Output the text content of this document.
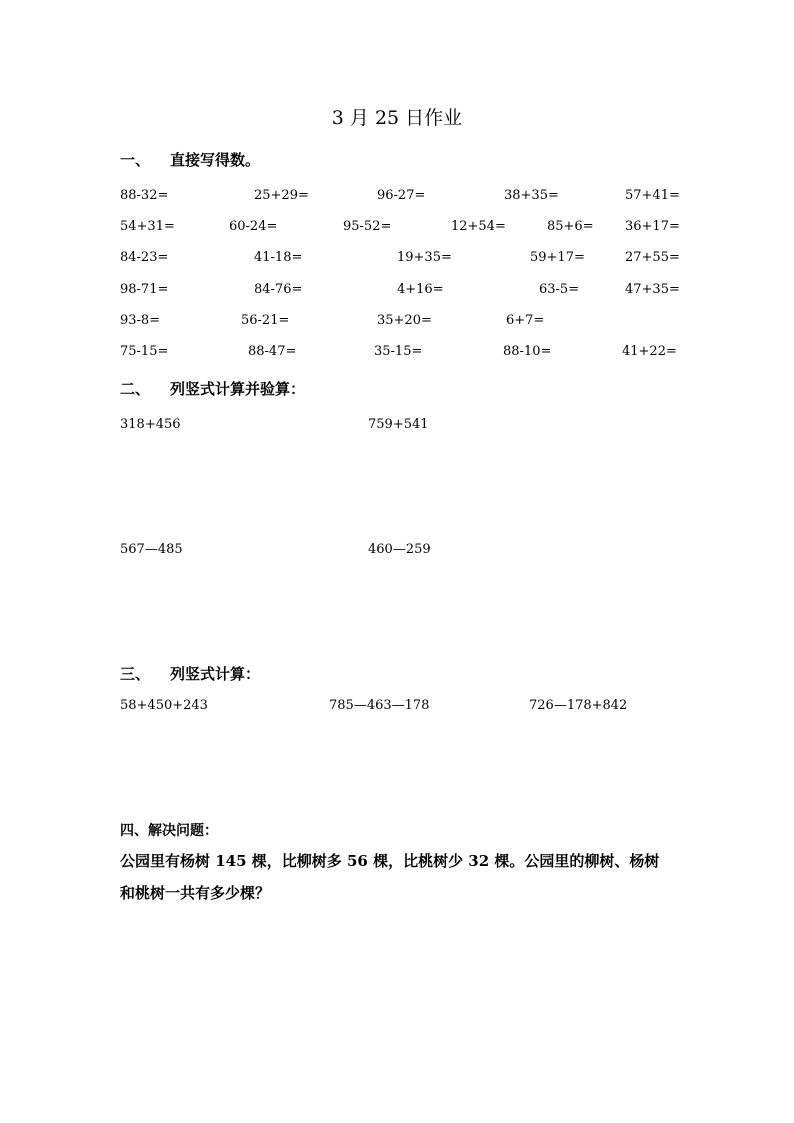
3 月 25 日作业
一、 直接写得数。
88-32=	25+29=	96-27=	38+35=	57+41=
54+31=	60-24=	95-52=	12+54=	85+6= 36+17=
84-23=	41-18=	19+35=	59+17=	27+55=
98-71=	84-76=	4+16=	63-5=	47+35=
93-8=	56-21=	35+20=	6+7=
75-15=	88-47=	35-15=	88-10=	41+22=
二、 列竖式计算并验算：
318+456	759+541
567—485	460—259
三、 列竖式计算：
58+450+243	785—463—178	726—178+842
四、解决问题：
公园里有杨树 145 棵，比柳树多 56 棵，比桃树少 32 棵。公园里的柳树、杨树
和桃树一共有多少棵？
